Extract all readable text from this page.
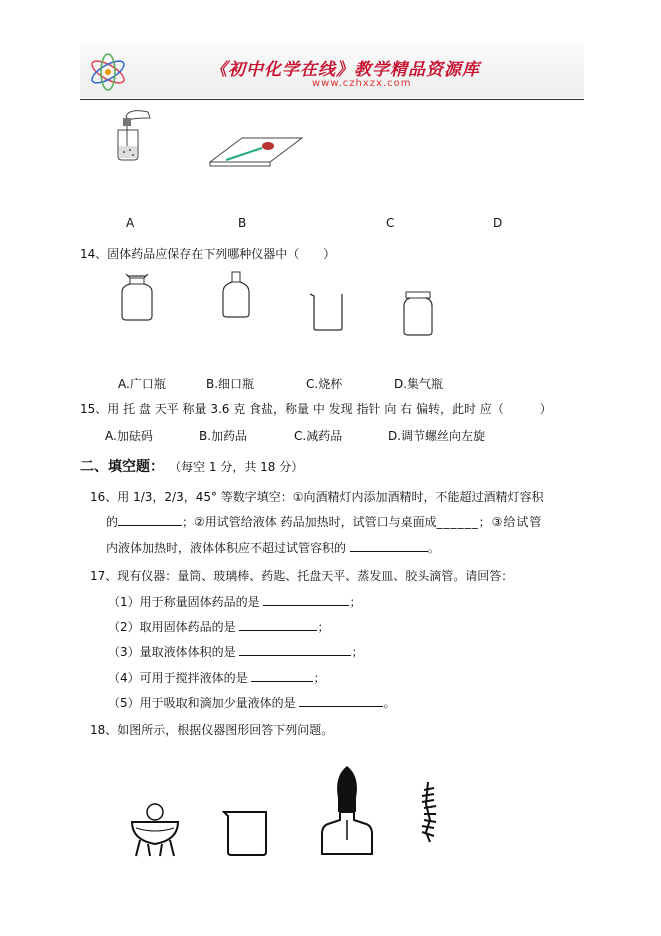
《初中化学在线》教学精品资源库
www.czhxzx.com
A	B	C	D
14、固体药品应保存在下列哪种仪器中（　　）
A.广口瓶	B.细口瓶	C.烧杯	D.集气瓶
15、用 托 盘 天平 称量 3.6 克 食盐，称量 中 发现 指针 向 右 偏转，此时 应（　　　）
A.加砝码	B.加药品	C.减药品	D.调节螺丝向左旋
二、填空题： （每空 1 分，共 18 分）
16、用 1/3，2/3，45° 等数字填空：①向酒精灯内添加酒精时，不能超过酒精灯容积
的	；②用试管给液体 药品加热时，试管口与桌面成______；③给试管
内液体加热时，液体体积应不超过试管容积的	。
17、现有仪器：量筒、玻璃棒、药匙、托盘天平、蒸发皿、胶头滴管。请回答：
（1）用于称量固体药品的是	；
（2）取用固体药品的是	；
（3）量取液体体积的是	；
（4）可用于搅拌液体的是	；
（5）用于吸取和滴加少量液体的是	。
18、如图所示，根据仪器图形回答下列问题。
